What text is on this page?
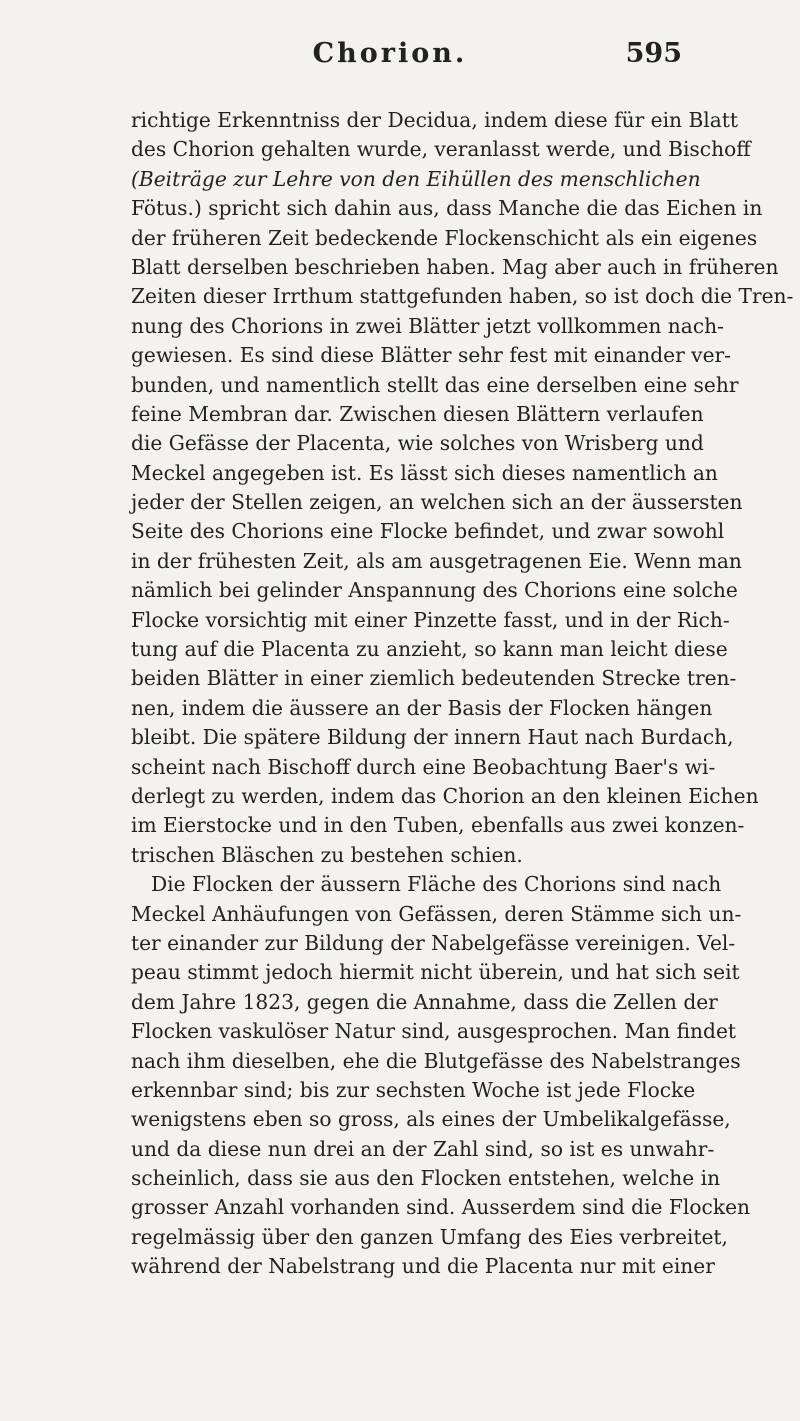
Chorion.	595
richtige Erkenntniss der Decidua, indem diese für ein Blatt
des Chorion gehalten wurde, veranlasst werde, und Bischoff
(Beiträge zur Lehre von den Eihüllen des menschlichen
Fötus.) spricht sich dahin aus, dass Manche die das Eichen in
der früheren Zeit bedeckende Flockenschicht als ein eigenes
Blatt derselben beschrieben haben. Mag aber auch in früheren
Zeiten dieser Irrthum stattgefunden haben, so ist doch die Tren-
nung des Chorions in zwei Blätter jetzt vollkommen nach-
gewiesen. Es sind diese Blätter sehr fest mit einander ver-
bunden, und namentlich stellt das eine derselben eine sehr
feine Membran dar. Zwischen diesen Blättern verlaufen
die Gefässe der Placenta, wie solches von Wrisberg und
Meckel angegeben ist. Es lässt sich dieses namentlich an
jeder der Stellen zeigen, an welchen sich an der äussersten
Seite des Chorions eine Flocke befindet, und zwar sowohl
in der frühesten Zeit, als am ausgetragenen Eie. Wenn man
nämlich bei gelinder Anspannung des Chorions eine solche
Flocke vorsichtig mit einer Pinzette fasst, und in der Rich-
tung auf die Placenta zu anzieht, so kann man leicht diese
beiden Blätter in einer ziemlich bedeutenden Strecke tren-
nen, indem die äussere an der Basis der Flocken hängen
bleibt. Die spätere Bildung der innern Haut nach Burdach,
scheint nach Bischoff durch eine Beobachtung Baer's wi-
derlegt zu werden, indem das Chorion an den kleinen Eichen
im Eierstocke und in den Tuben, ebenfalls aus zwei konzen-
trischen Bläschen zu bestehen schien.
Die Flocken der äussern Fläche des Chorions sind nach
Meckel Anhäufungen von Gefässen, deren Stämme sich un-
ter einander zur Bildung der Nabelgefässe vereinigen. Vel-
peau stimmt jedoch hiermit nicht überein, und hat sich seit
dem Jahre 1823, gegen die Annahme, dass die Zellen der
Flocken vaskulöser Natur sind, ausgesprochen. Man findet
nach ihm dieselben, ehe die Blutgefässe des Nabelstranges
erkennbar sind; bis zur sechsten Woche ist jede Flocke
wenigstens eben so gross, als eines der Umbelikalgefässe,
und da diese nun drei an der Zahl sind, so ist es unwahr-
scheinlich, dass sie aus den Flocken entstehen, welche in
grosser Anzahl vorhanden sind. Ausserdem sind die Flocken
regelmässig über den ganzen Umfang des Eies verbreitet,
während der Nabelstrang und die Placenta nur mit einer
